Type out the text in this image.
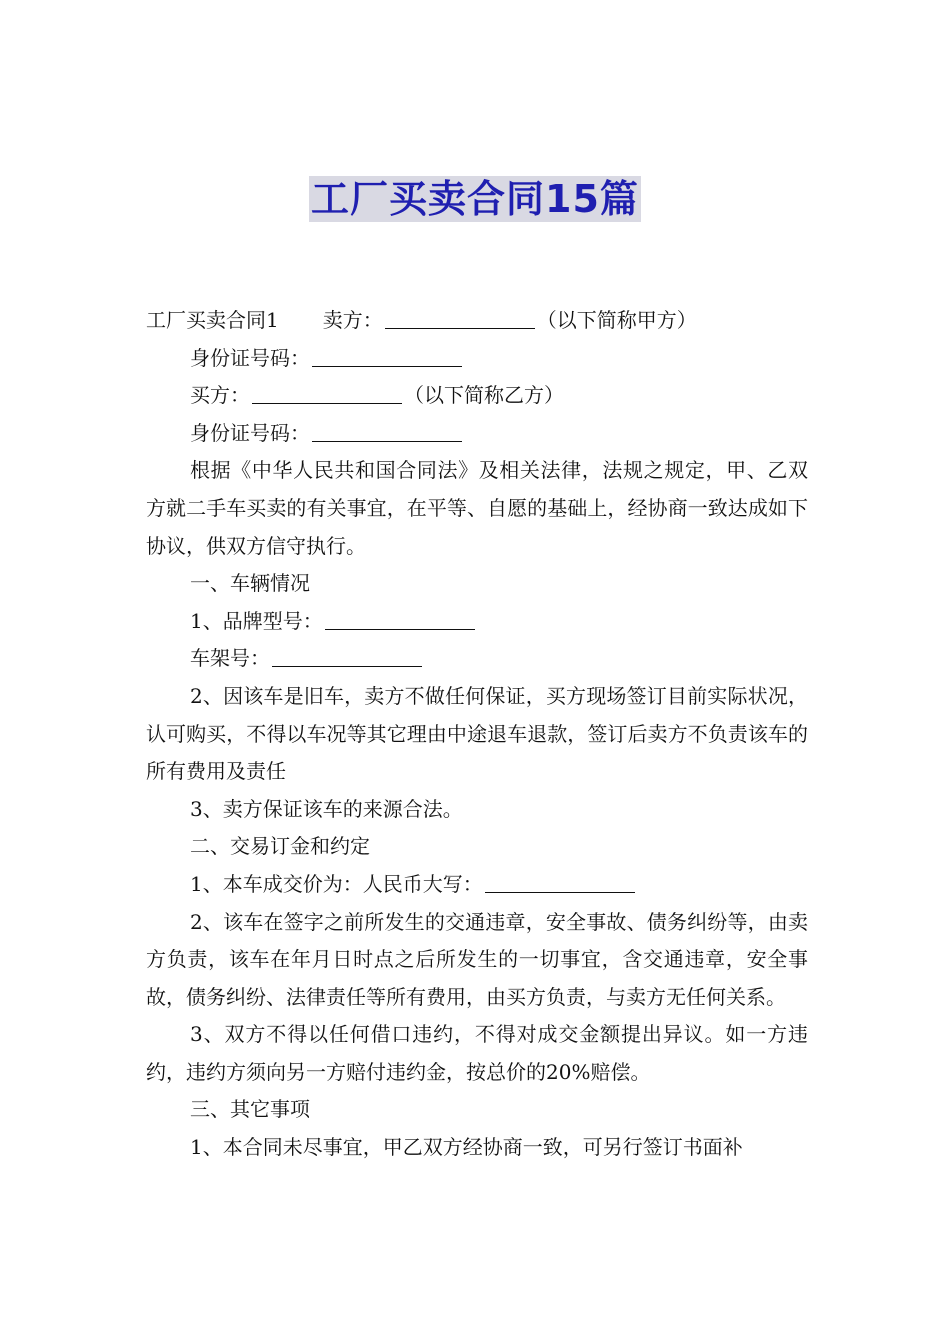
工厂买卖合同15篇

工厂买卖合同1 卖方：	（以下简称甲方）

身份证号码：

买方：	（以下简称乙方）

身份证号码：

根据《中华人民共和国合同法》及相关法律，法规之规定，甲、乙双方就二手车买卖的有关事宜，在平等、自愿的基础上，经协商一致达成如下协议，供双方信守执行。

一、车辆情况

1、品牌型号：

车架号：

2、因该车是旧车，卖方不做任何保证，买方现场签订目前实际状况，认可购买，不得以车况等其它理由中途退车退款，签订后卖方不负责该车的所有费用及责任

3、卖方保证该车的来源合法。

二、交易订金和约定

1、本车成交价为：人民币大写：

2、该车在签字之前所发生的交通违章，安全事故、债务纠纷等，由卖方负责，该车在年月日时点之后所发生的一切事宜，含交通违章，安全事故，债务纠纷、法律责任等所有费用，由买方负责，与卖方无任何关系。

3、双方不得以任何借口违约，不得对成交金额提出异议。如一方违约，违约方须向另一方赔付违约金，按总价的20%赔偿。

三、其它事项

1、本合同未尽事宜，甲乙双方经协商一致，可另行签订书面补
